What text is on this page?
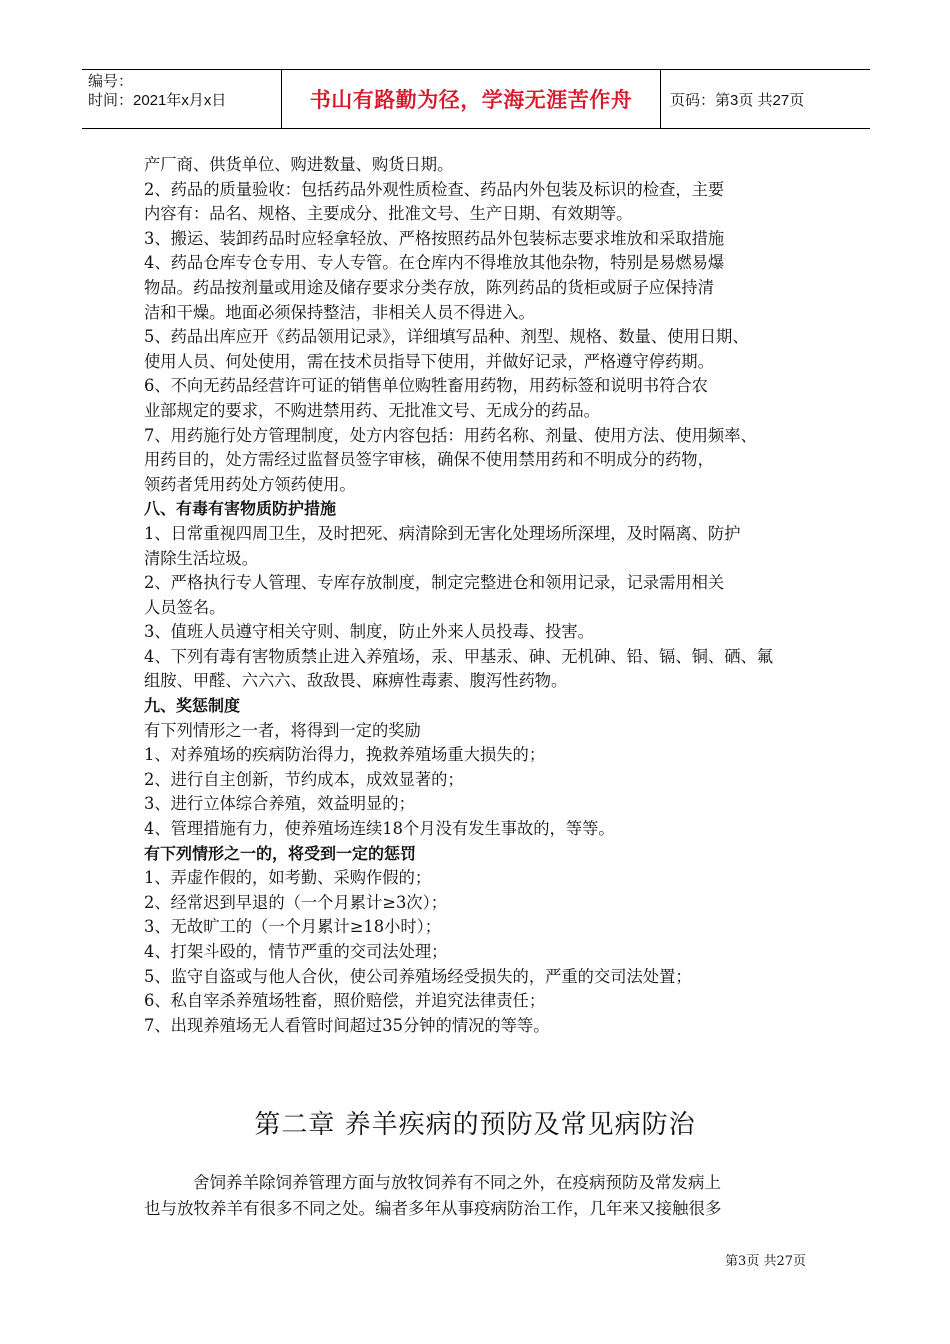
编号：
时间：2021年x月x日	书山有路勤为径，学海无涯苦作舟	页码：第3页 共27页
产厂商、供货单位、购进数量、购货日期。
2、药品的质量验收：包括药品外观性质检查、药品内外包装及标识的检查，主要
内容有：品名、规格、主要成分、批准文号、生产日期、有效期等。
3、搬运、装卸药品时应轻拿轻放、严格按照药品外包装标志要求堆放和采取措施
4、药品仓库专仓专用、专人专管。在仓库内不得堆放其他杂物，特别是易燃易爆
物品。药品按剂量或用途及储存要求分类存放，陈列药品的货柜或厨子应保持清
洁和干燥。地面必须保持整洁，非相关人员不得进入。
5、药品出库应开《药品领用记录》，详细填写品种、剂型、规格、数量、使用日期、
使用人员、何处使用，需在技术员指导下使用，并做好记录，严格遵守停药期。
6、不向无药品经营许可证的销售单位购牲畜用药物，用药标签和说明书符合农
业部规定的要求，不购进禁用药、无批准文号、无成分的药品。
7、用药施行处方管理制度，处方内容包括：用药名称、剂量、使用方法、使用频率、
用药目的，处方需经过监督员签字审核，确保不使用禁用药和不明成分的药物，
领药者凭用药处方领药使用。
八、有毒有害物质防护措施
1、日常重视四周卫生，及时把死、病清除到无害化处理场所深埋，及时隔离、防护
清除生活垃圾。
2、严格执行专人管理、专库存放制度，制定完整进仓和领用记录，记录需用相关
人员签名。
3、值班人员遵守相关守则、制度，防止外来人员投毒、投害。
4、下列有毒有害物质禁止进入养殖场，汞、甲基汞、砷、无机砷、铅、镉、铜、硒、氟
组胺、甲醛、六六六、敌敌畏、麻痹性毒素、腹泻性药物。
九、奖惩制度
有下列情形之一者，将得到一定的奖励
1、对养殖场的疾病防治得力，挽救养殖场重大损失的；
2、进行自主创新，节约成本，成效显著的；
3、进行立体综合养殖，效益明显的；
4、管理措施有力，使养殖场连续18个月没有发生事故的，等等。
有下列情形之一的，将受到一定的惩罚
1、弄虚作假的，如考勤、采购作假的；
2、经常迟到早退的（一个月累计≥3次）；
3、无故旷工的（一个月累计≥18小时）；
4、打架斗殴的，情节严重的交司法处理；
5、监守自盗或与他人合伙，使公司养殖场经受损失的，严重的交司法处置；
6、私自宰杀养殖场牲畜，照价赔偿，并追究法律责任；
7、出现养殖场无人看管时间超过35分钟的情况的等等。
第二章 养羊疾病的预防及常见病防治
舍饲养羊除饲养管理方面与放牧饲养有不同之外，在疫病预防及常发病上
也与放牧养羊有很多不同之处。编者多年从事疫病防治工作，几年来又接触很多
第3页 共27页
